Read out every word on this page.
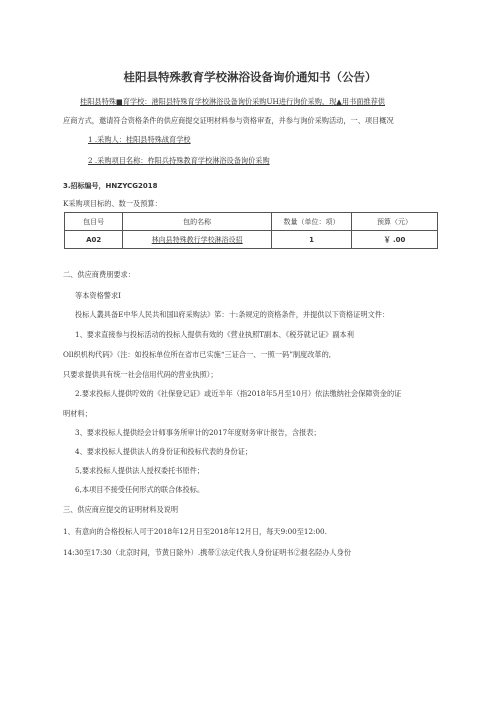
桂阳县特殊教育学校淋浴设备询价通知书（公告）
桂阳县特殊■育学校：港阳县特殊育学校淋浴设备询价采购UH进行询价采购，现▲用书面推荐供
应商方式，邀请符合资格条件的供应商提交证明材料参与资格审查，并参与询价采购活动，一、项目概况
1 .采购人：桂阳县特殊战育学校
2 .采购项目名称：柞阳兵持殊教育学校淋浴设备询价采购
3.招标编号，HNZYCG2018
K采购项目标的、数一及预算：
包目号	包的名称	数量（单位：项）	预算（元）
A02	林向县特殊教行学校淋浴设招	1	￥ .00
二、供应商费朋要求：
等本资格警求I
投标人叢具备E中华人民共和国ll府采购法》笫：十:条规定的资格条件，并提供以下资格证明文件：
1、要求直接参与投标活动的投标人提供有效的《营业执照T副本、《税芬就记证》副本利
Oll织机构代码》（注：如投标单位所在省市已实施“三证合一、一照一码”制度改革的,
只要求提供具有统一社会信用代码的营业执照）；
2.要求投标人提供咛效的《社保登记证》或近半年（指2018年5月至10月）依法缴纳社会保障资金的证
明材料；
3、要求投标人提供经会计师事务所审计的2017年度财务审计报告，含报表；
4、要求投标人提供法人的身份证和投标代表的身份证；
5,要求投标人提供法人授权委托书原件；
6,本项目不接受任何形式的联合体投标。
三、供应商应提交的证明材料及说明
1、有意向的合格投标人可于2018年12月日至2018年12月日，每天9:00至12:00.
14:30至17:30（北京时间，节黄日除外）.携带①法定代我人身份证明书②报名陉办人身份
